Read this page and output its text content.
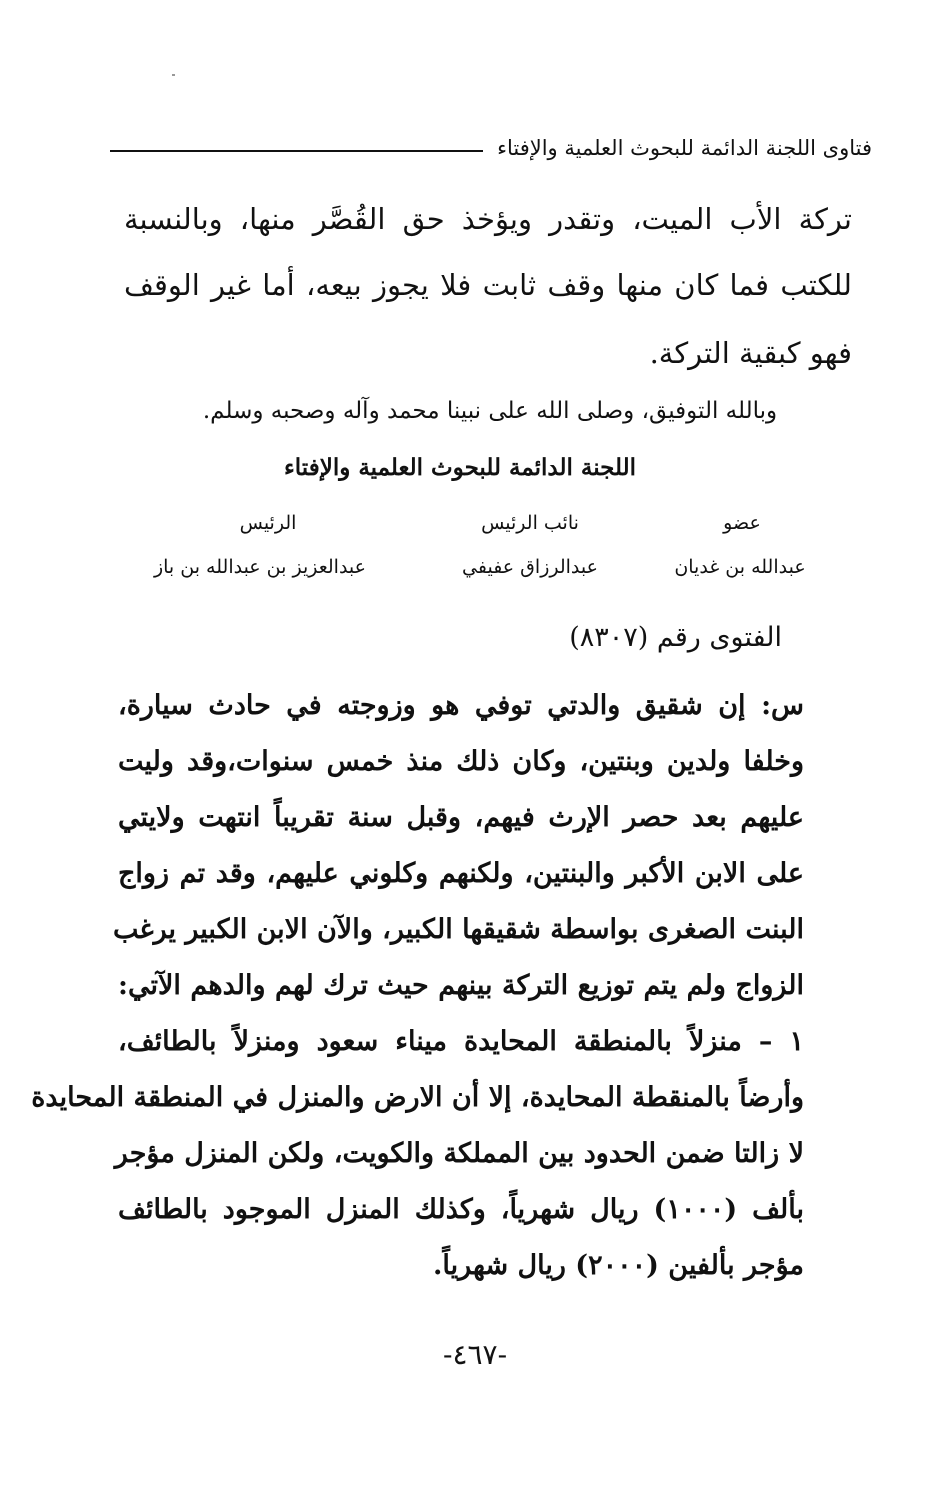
فتاوى اللجنة الدائمة للبحوث العلمية والإفتاء
تركة الأب الميت، وتقدر ويؤخذ حق القُصَّر منها، وبالنسبة
للكتب فما كان منها وقف ثابت فلا يجوز بيعه، أما غير الوقف
فهو كبقية التركة.
وبالله التوفيق، وصلى الله على نبينا محمد وآله وصحبه وسلم.
اللجنة الدائمة للبحوث العلمية والإفتاء
عضو
نائب الرئيس
الرئيس
عبدالله بن غديان
عبدالرزاق عفيفي
عبدالعزيز بن عبدالله بن باز
الفتوى رقم (٨٣٠٧)
س: إن شقيق والدتي توفي هو وزوجته في حادث سيارة،
وخلفا ولدين وبنتين، وكان ذلك منذ خمس سنوات،وقد وليت
عليهم بعد حصر الإرث فيهم، وقبل سنة تقريباً انتهت ولايتي
على الابن الأكبر والبنتين، ولكنهم وكلوني عليهم، وقد تم زواج
البنت الصغرى بواسطة شقيقها الكبير، والآن الابن الكبير يرغب
الزواج ولم يتم توزيع التركة بينهم حيث ترك لهم والدهم الآتي:
١ – منزلاً بالمنطقة المحايدة ميناء سعود ومنزلاً بالطائف،
وأرضاً بالمنقطة المحايدة، إلا أن الارض والمنزل في المنطقة المحايدة
لا زالتا ضمن الحدود بين المملكة والكويت، ولكن المنزل مؤجر
بألف (١٠٠٠) ريال شهرياً، وكذلك المنزل الموجود بالطائف
مؤجر بألفين (٢٠٠٠) ريال شهرياً.
-٤٦٧-
